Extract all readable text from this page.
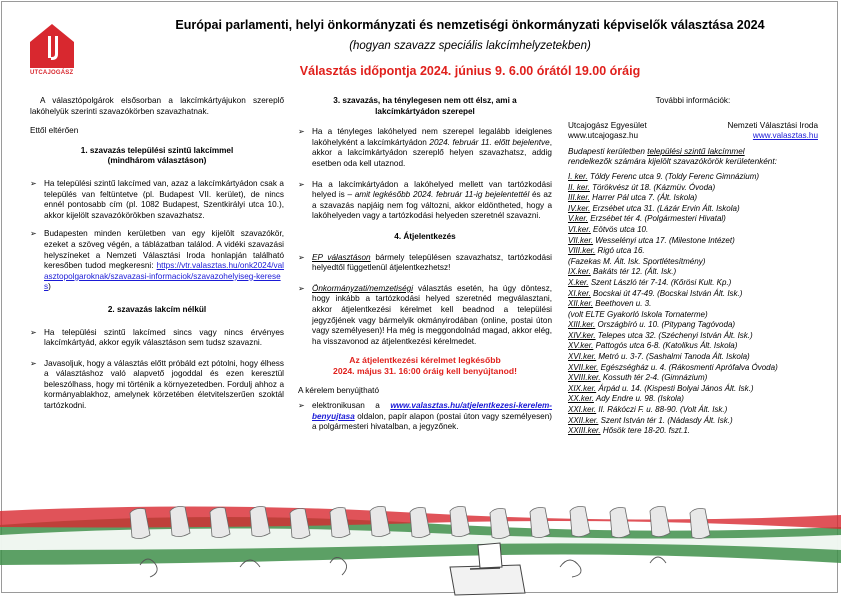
UTCAJOGÁSZ
Európai parlamenti, helyi önkormányzati és nemzetiségi önkormányzati képviselők választása 2024
(hogyan szavazz speciális lakcímhelyzetekben)
Választás időpontja 2024. június 9. 6.00 órától 19.00 óráig

A választópolgárok elsősorban a lakcímkártyájukon szereplő lakóhelyük szerinti szavazókörben szavazhatnak.

Ettől eltérően

1. szavazás települési szintű lakcímmel
(mindhárom választáson)

➢ Ha települési szintű lakcímed van, azaz a lakcímkártyádon csak a település van feltüntetve (pl. Budapest VII. kerület), de nincs ennél pontosabb cím (pl. 1082 Budapest, Szentkirályi utca 10.), akkor kijelölt szavazókörökben szavazhatsz.
➢ Budapesten minden kerületben van egy kijelölt szavazókör, ezeket a szöveg végén, a táblázatban találod. A vidéki szavazási helyszíneket a Nemzeti Választási Iroda honlapján található keresőben tudod megkeresni: https://vtr.valasztas.hu/onk2024/valasztopolgaroknak/szavazasi-informaciok/szavazohelyiseg-kereses)

2. szavazás lakcím nélkül

➢ Ha települési szintű lakcímed sincs vagy nincs érvényes lakcímkártyád, akkor egyik választáson sem tudsz szavazni.
➢ Javasoljuk, hogy a választás előtt próbáld ezt pótolni, hogy élhess a választáshoz való alapvető jogoddal és ezen keresztül beleszólhass, hogy mi történik a környezetedben. Fordulj ahhoz a kormányablakhoz, amelynek körzetében életvitelszerűen szoktál tartózkodni.

3. szavazás, ha ténylegesen nem ott élsz, ami a
lakcímkártyádon szerepel

➢ Ha a tényleges lakóhelyed nem szerepel legalább ideiglenes lakóhelyként a lakcímkártyádon 2024. február 11. előtt bejelentve, akkor a lakcímkártyádon szereplő helyen szavazhatsz, addig esetben oda kell utaznod.
➢ Ha a lakcímkártyádon a lakóhelyed mellett van tartózkodási helyed is – amit legkésőbb 2024. február 11-ig bejelentettél és az a szavazás napjáig nem fog változni, akkor eldöntheted, hogy a lakóhelyeden vagy a tartózkodási helyeden szeretnél szavazni.

4. Átjelentkezés

➢ EP választáson bármely településen szavazhatsz, tartózkodási helyedtől függetlenül átjelentkezhetsz!
➢ Önkormányzati/nemzetiségi választás esetén, ha úgy döntesz, hogy inkább a tartózkodási helyed szeretnéd megválasztani, akkor átjelentkezési kérelmet kell beadnod a települési jegyzőjének vagy bármelyik okmányirodában (online, postai úton vagy személyesen)! Ha még is meggondolnád magad, akkor elég, ha visszavonod az átjelentkezési kérelmedet.

Az átjelentkezési kérelmet legkésőbb
2024. május 31. 16:00 óráig kell benyújtanod!

A kérelem benyújtható

➢ elektronikusan a www.valasztas.hu/atjelentkezesi-kerelem-benyujtasa oldalon, papír alapon (postai úton vagy személyesen) a polgármesteri hivatalban, a jegyzőnek.

További információk:

Utcajogász Egyesület	Nemzeti Választási Iroda
www.utcajogasz.hu	www.valasztas.hu

Budapesti kerületben települési szintű lakcímmel
rendelkezők számára kijelölt szavazókörök kerületenként:

I. ker. Tóldy Ferenc utca 9. (Toldy Ferenc Gimnázium)
II. ker. Törökvész út 18. (Kázmüv. Óvoda)
III.ker. Harrer Pál utca 7. (Ált. Iskola)
IV.ker. Erzsébet utca 31. (Lázár Ervin Ált. Iskola)
V.ker. Erzsébet tér 4. (Polgármesteri Hivatal)
VI.ker. Eötvös utca 10.
VII.ker. Wesselényi utca 17. (Milestone Intézet)
VIII.ker. Rigó utca 16.
(Fazekas M. Ált. Isk. Sportlétesítmény)
IX.ker. Bakáts tér 12. (Ált. Isk.)
X.ker. Szent László tér 7-14. (Kőrösi Kult. Kp.)
XI.ker. Bocskai út 47-49. (Bocskai István Ált. Isk.)
XII.ker. Beethoven u. 3.
(volt ELTE Gyakorló Iskola Tornaterme)
XIII.ker. Országbíró u. 10. (Pitypang Tagóvoda)
XIV.ker. Telepes utca 32. (Széchenyi István Ált. Isk.)
XV.ker. Pattogós utca 6-8. (Katolikus Ált. Iskola)
XVI.ker. Metró u. 3-7. (Sashalmi Tanoda Ált. Iskola)
XVII.ker. Egészségház u. 4. (Rákosmenti Aprófalva Óvoda)
XVIII.ker. Kossuth tér 2-4. (Gimnázium)
XIX.ker. Árpád u. 14. (Kispesti Bolyai János Ált. Isk.)
XX.ker. Ady Endre u. 98. (Iskola)
XXI.ker. II. Rákóczi F. u. 88-90. (Volt Ált. Isk.)
XXII.ker. Szent István tér 1. (Nádasdy Ált. Isk.)
XXIII.ker. Hősök tere 18-20. fszt.1.
